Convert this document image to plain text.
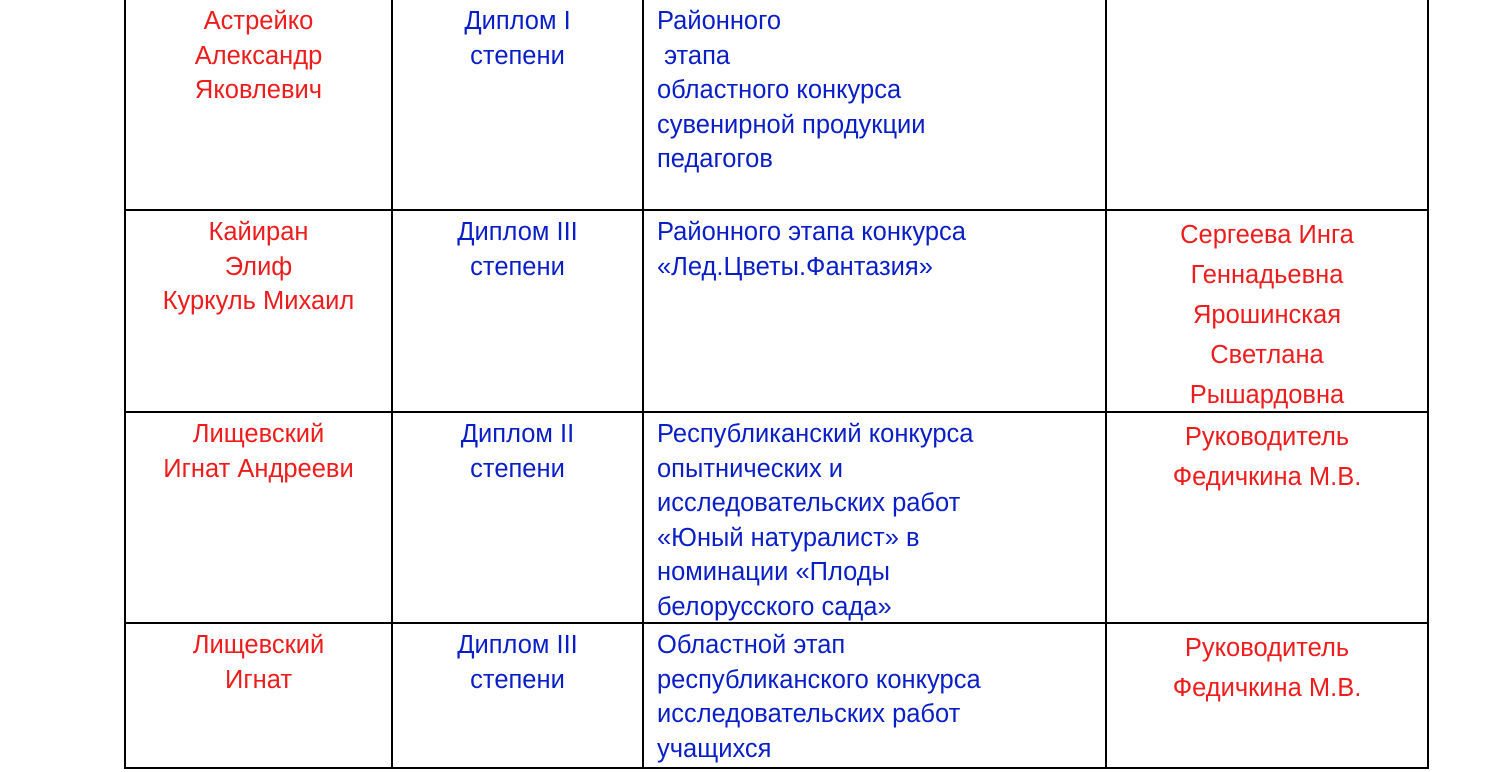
Астрейко
Александр
Яковлевич
Диплом I
степени
Районного
этапа
областного конкурса
сувенирной продукции
педагогов
Кайиран
Элиф
Куркуль Михаил
Диплом III
степени
Районного этапа конкурса
«Лед.Цветы.Фантазия»
Сергеева Инга
Геннадьевна
Ярошинская
Светлана
Рышардовна
Лищевский
Игнат Андрееви
Диплом II
степени
Республиканский конкурса
опытнических и
исследовательских работ
«Юный натуралист» в
номинации «Плоды
белорусского сада»
Руководитель
Федичкина М.В.
Лищевский
Игнат
Диплом III
степени
Областной этап
республиканского конкурса
исследовательских работ
учащихся
Руководитель
Федичкина М.В.
